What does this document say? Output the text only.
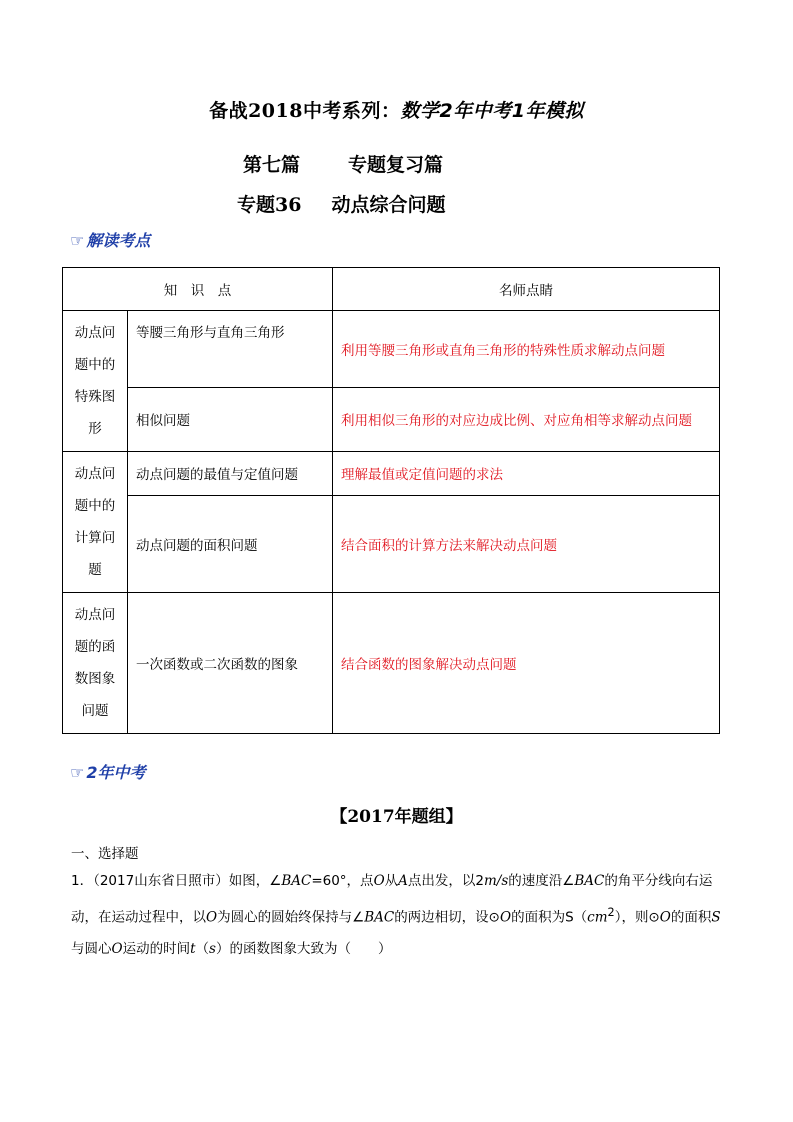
备战2018中考系列：数学2年中考1年模拟
第七篇	专题复习篇
专题36 动点综合问题
☞ 解读考点
知　识　点		名师点睛

动点问
题中的
特殊图
形	等腰三角形与直角三角形	利用等腰三角形或直角三角形的特殊性质求解动点问题
	相似问题	利用相似三角形的对应边成比例、对应角相等求解动点问题

动点问
题中的
计算问
题	动点问题的最值与定值问题	理解最值或定值问题的求法
	动点问题的面积问题	结合面积的计算方法来解决动点问题

动点问
题的函
数图象
问题	一次函数或二次函数的图象	结合函数的图象解决动点问题
☞ 2年中考
【2017年题组】
一、选择题
1．（2017山东省日照市）如图，∠BAC=60°，点O从A点出发，以2m/s的速度沿∠BAC的角平分线向右运动，在运动过程中，以O为圆心的圆始终保持与∠BAC的两边相切，设⊙O的面积为$S(cm^2)$，则⊙O的面积S与圆心O运动的时间t（s）的函数图象大致为（　　）
